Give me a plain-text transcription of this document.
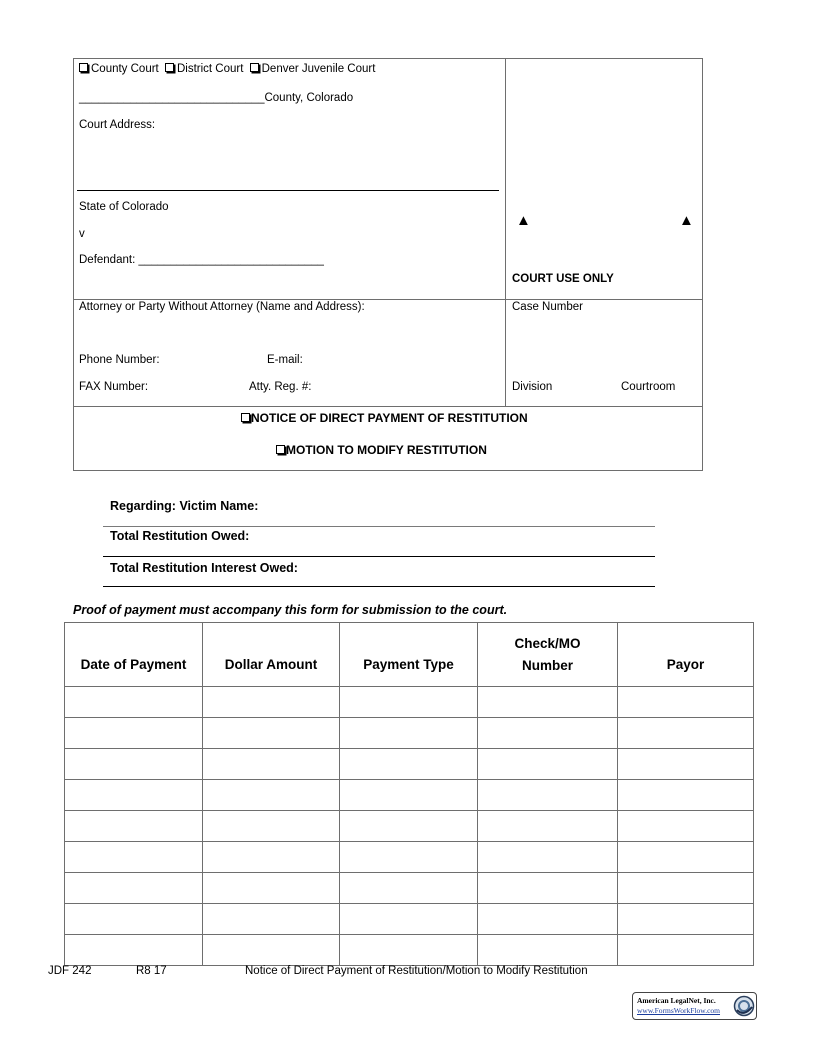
County Court District Court Denver Juvenile Court
_____________________________County, Colorado
Court Address:
State of Colorado
v
Defendant: _____________________________
▲	▲
COURT USE ONLY
Attorney or Party Without Attorney (Name and Address):
Phone Number:	E-mail:
FAX Number:	Atty. Reg. #:
Case Number
Division	Courtroom
NOTICE OF DIRECT PAYMENT OF RESTITUTION
MOTION TO MODIFY RESTITUTION
Regarding: Victim Name:
Total Restitution Owed:
Total Restitution Interest Owed:
Proof of payment must accompany this form for submission to the court.
Date of Payment	Dollar Amount	Payment Type	Check/MO Number	Payor

JDF 242	R8 17	Notice of Direct Payment of Restitution/Motion to Modify Restitution
American LegalNet, Inc.
www.FormsWorkFlow.com
